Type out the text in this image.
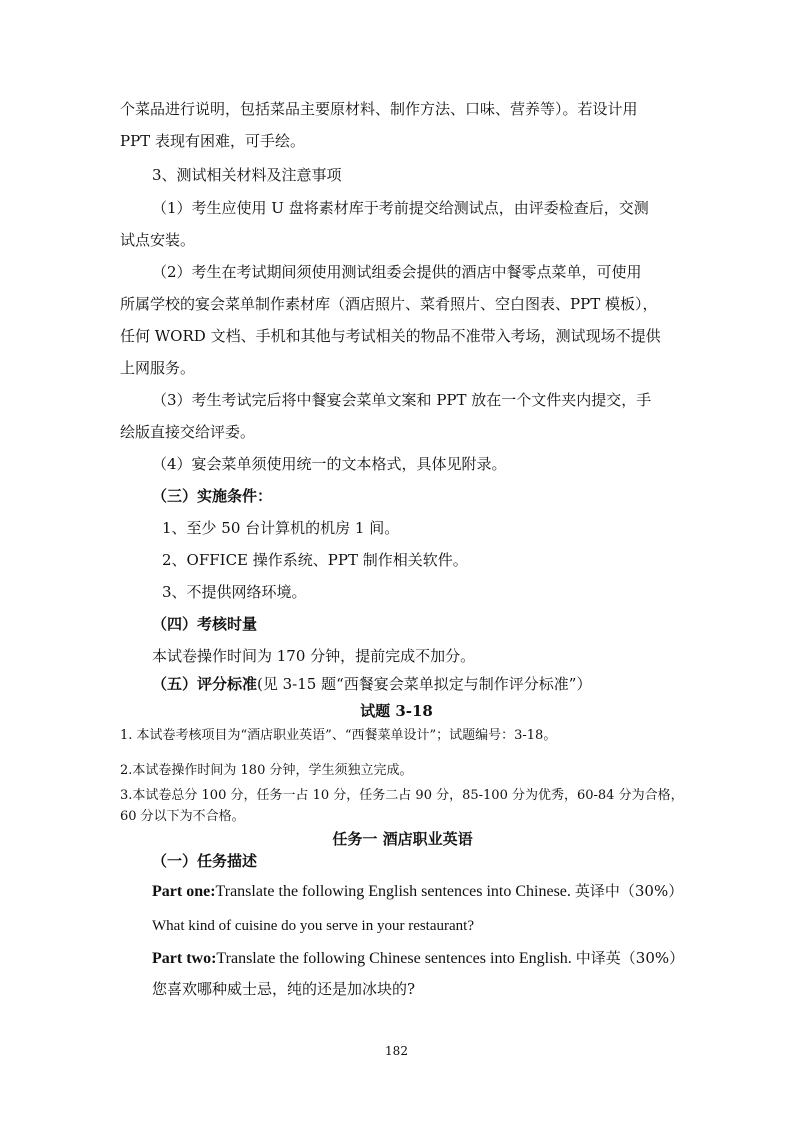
个菜品进行说明，包括菜品主要原材料、制作方法、口味、营养等）。若设计用
PPT 表现有困难，可手绘。
3、测试相关材料及注意事项
（1）考生应使用 U 盘将素材库于考前提交给测试点，由评委检查后，交测
试点安装。
（2）考生在考试期间须使用测试组委会提供的酒店中餐零点菜单，可使用
所属学校的宴会菜单制作素材库（酒店照片、菜肴照片、空白图表、PPT 模板），
任何 WORD 文档、手机和其他与考试相关的物品不准带入考场，测试现场不提供
上网服务。
（3）考生考试完后将中餐宴会菜单文案和 PPT 放在一个文件夹内提交，手
绘版直接交给评委。
（4）宴会菜单须使用统一的文本格式，具体见附录。
（三）实施条件：
1、至少 50 台计算机的机房 1 间。
2、OFFICE 操作系统、PPT 制作相关软件。
3、不提供网络环境。
（四）考核时量
本试卷操作时间为 170 分钟，提前完成不加分。
（五）评分标准(见 3-15 题“西餐宴会菜单拟定与制作评分标准”）
试题 3-18
1. 本试卷考核项目为“酒店职业英语”、“西餐菜单设计”；试题编号：3-18。
2.本试卷操作时间为 180 分钟，学生须独立完成。
3.本试卷总分 100 分，任务一占 10 分，任务二占 90 分，85-100 分为优秀，60-84 分为合格，
60 分以下为不合格。
任务一 酒店职业英语
（一）任务描述
Part one:Translate the following English sentences into Chinese. 英译中（30%）
What kind of cuisine do you serve in your restaurant?
Part two:Translate the following Chinese sentences into English. 中译英（30%）
您喜欢哪种威士忌，纯的还是加冰块的?
182
